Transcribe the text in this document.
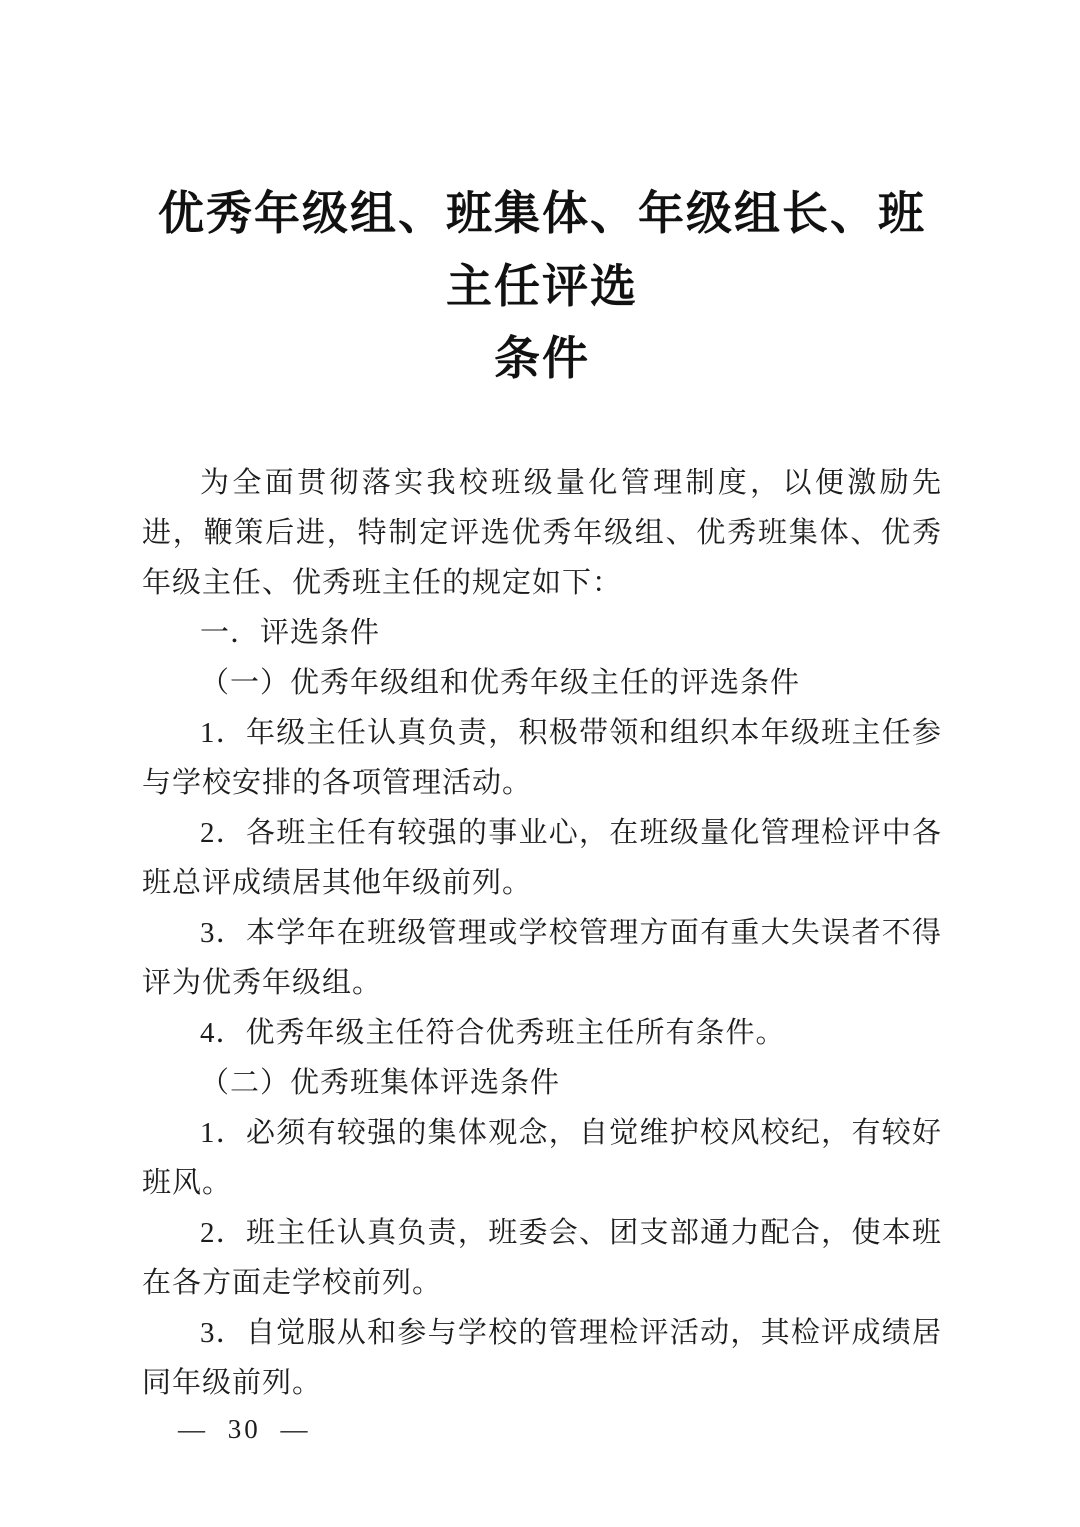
优秀年级组、班集体、年级组长、班主任评选
条件

为全面贯彻落实我校班级量化管理制度，以便激励先进，鞭策后进，特制定评选优秀年级组、优秀班集体、优秀年级主任、优秀班主任的规定如下：

一．评选条件

（一）优秀年级组和优秀年级主任的评选条件

1．年级主任认真负责，积极带领和组织本年级班主任参与学校安排的各项管理活动。

2．各班主任有较强的事业心，在班级量化管理检评中各班总评成绩居其他年级前列。

3．本学年在班级管理或学校管理方面有重大失误者不得评为优秀年级组。

4．优秀年级主任符合优秀班主任所有条件。

（二）优秀班集体评选条件

1．必须有较强的集体观念，自觉维护校风校纪，有较好班风。

2．班主任认真负责，班委会、团支部通力配合，使本班在各方面走学校前列。

3．自觉服从和参与学校的管理检评活动，其检评成绩居同年级前列。

— 30 —
